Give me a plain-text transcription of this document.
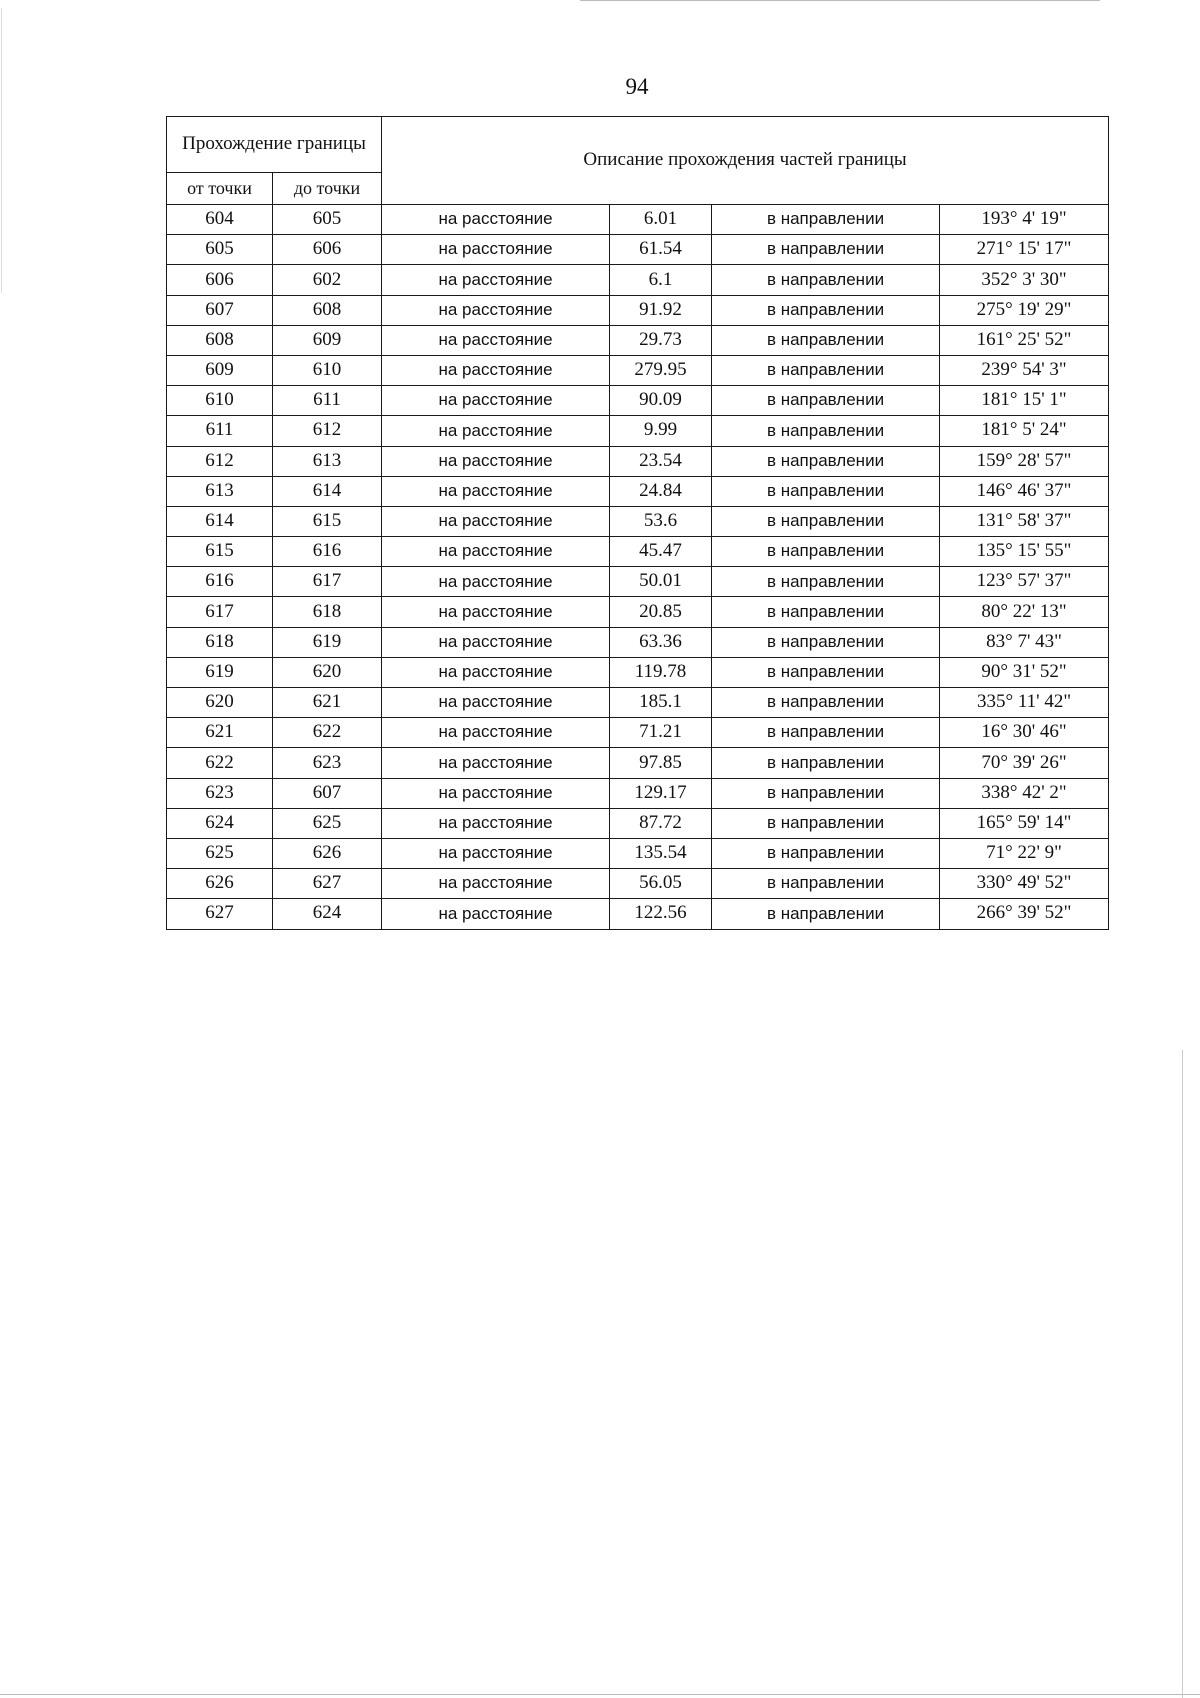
94
Прохождение границы		Описание прохождения частей границы			
от точки	до точки				
604	605	на расстояние	6.01	в направлении	193° 4' 19"
605	606	на расстояние	61.54	в направлении	271° 15' 17"
606	602	на расстояние	6.1	в направлении	352° 3' 30"
607	608	на расстояние	91.92	в направлении	275° 19' 29"
608	609	на расстояние	29.73	в направлении	161° 25' 52"
609	610	на расстояние	279.95	в направлении	239° 54' 3"
610	611	на расстояние	90.09	в направлении	181° 15' 1"
611	612	на расстояние	9.99	в направлении	181° 5' 24"
612	613	на расстояние	23.54	в направлении	159° 28' 57"
613	614	на расстояние	24.84	в направлении	146° 46' 37"
614	615	на расстояние	53.6	в направлении	131° 58' 37"
615	616	на расстояние	45.47	в направлении	135° 15' 55"
616	617	на расстояние	50.01	в направлении	123° 57' 37"
617	618	на расстояние	20.85	в направлении	80° 22' 13"
618	619	на расстояние	63.36	в направлении	83° 7' 43"
619	620	на расстояние	119.78	в направлении	90° 31' 52"
620	621	на расстояние	185.1	в направлении	335° 11' 42"
621	622	на расстояние	71.21	в направлении	16° 30' 46"
622	623	на расстояние	97.85	в направлении	70° 39' 26"
623	607	на расстояние	129.17	в направлении	338° 42' 2"
624	625	на расстояние	87.72	в направлении	165° 59' 14"
625	626	на расстояние	135.54	в направлении	71° 22' 9"
626	627	на расстояние	56.05	в направлении	330° 49' 52"
627	624	на расстояние	122.56	в направлении	266° 39' 52"
